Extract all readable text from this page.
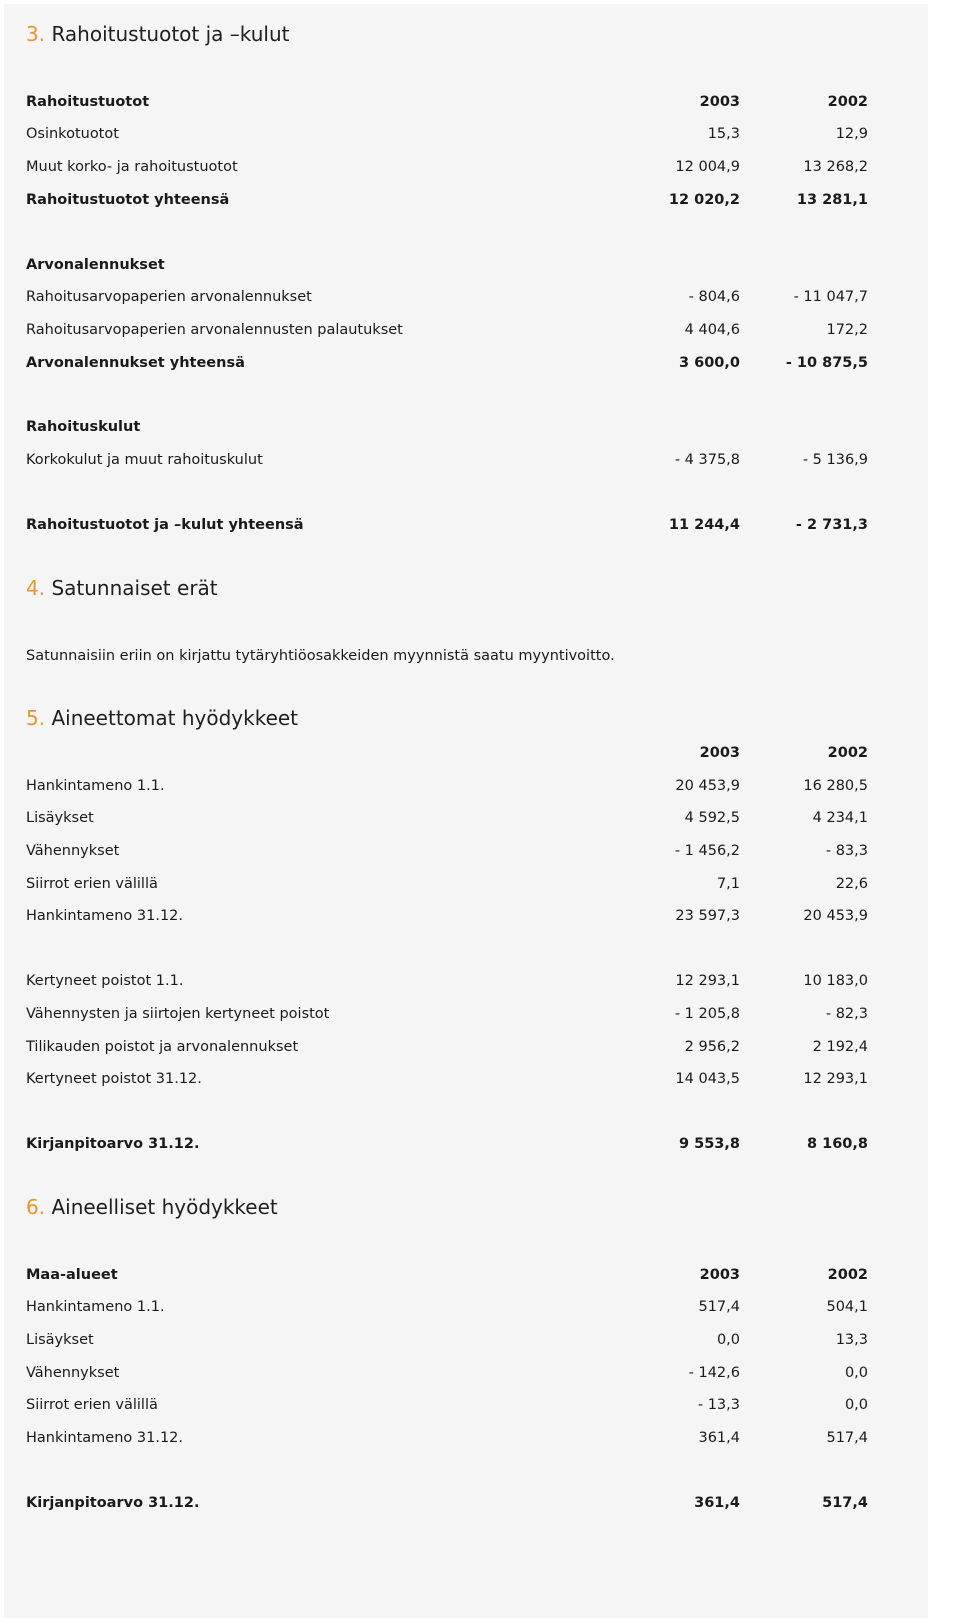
3. Rahoitustuotot ja –kulut
Rahoitustuotot	2003	2002
Osinkotuotot	15,3	12,9
Muut korko- ja rahoitustuotot	12 004,9	13 268,2
Rahoitustuotot yhteensä	12 020,2	13 281,1
Arvonalennukset
Rahoitusarvopaperien arvonalennukset	- 804,6	- 11 047,7
Rahoitusarvopaperien arvonalennusten palautukset	4 404,6	172,2
Arvonalennukset yhteensä	3 600,0	- 10 875,5
Rahoituskulut
Korkokulut ja muut rahoituskulut	- 4 375,8	- 5 136,9
Rahoitustuotot ja –kulut yhteensä	11 244,4	- 2 731,3
4. Satunnaiset erät
Satunnaisiin eriin on kirjattu tytäryhtiöosakkeiden myynnistä saatu myyntivoitto.
5. Aineettomat hyödykkeet
2003	2002
Hankintameno 1.1.	20 453,9	16 280,5
Lisäykset	4 592,5	4 234,1
Vähennykset	- 1 456,2	- 83,3
Siirrot erien välillä	7,1	22,6
Hankintameno 31.12.	23 597,3	20 453,9
Kertyneet poistot 1.1.	12 293,1	10 183,0
Vähennysten ja siirtojen kertyneet poistot	- 1 205,8	- 82,3
Tilikauden poistot ja arvonalennukset	2 956,2	2 192,4
Kertyneet poistot 31.12.	14 043,5	12 293,1
Kirjanpitoarvo 31.12.	9 553,8	8 160,8
6. Aineelliset hyödykkeet
Maa-alueet	2003	2002
Hankintameno 1.1.	517,4	504,1
Lisäykset	0,0	13,3
Vähennykset	- 142,6	0,0
Siirrot erien välillä	- 13,3	0,0
Hankintameno 31.12.	361,4	517,4
Kirjanpitoarvo 31.12.	361,4	517,4
